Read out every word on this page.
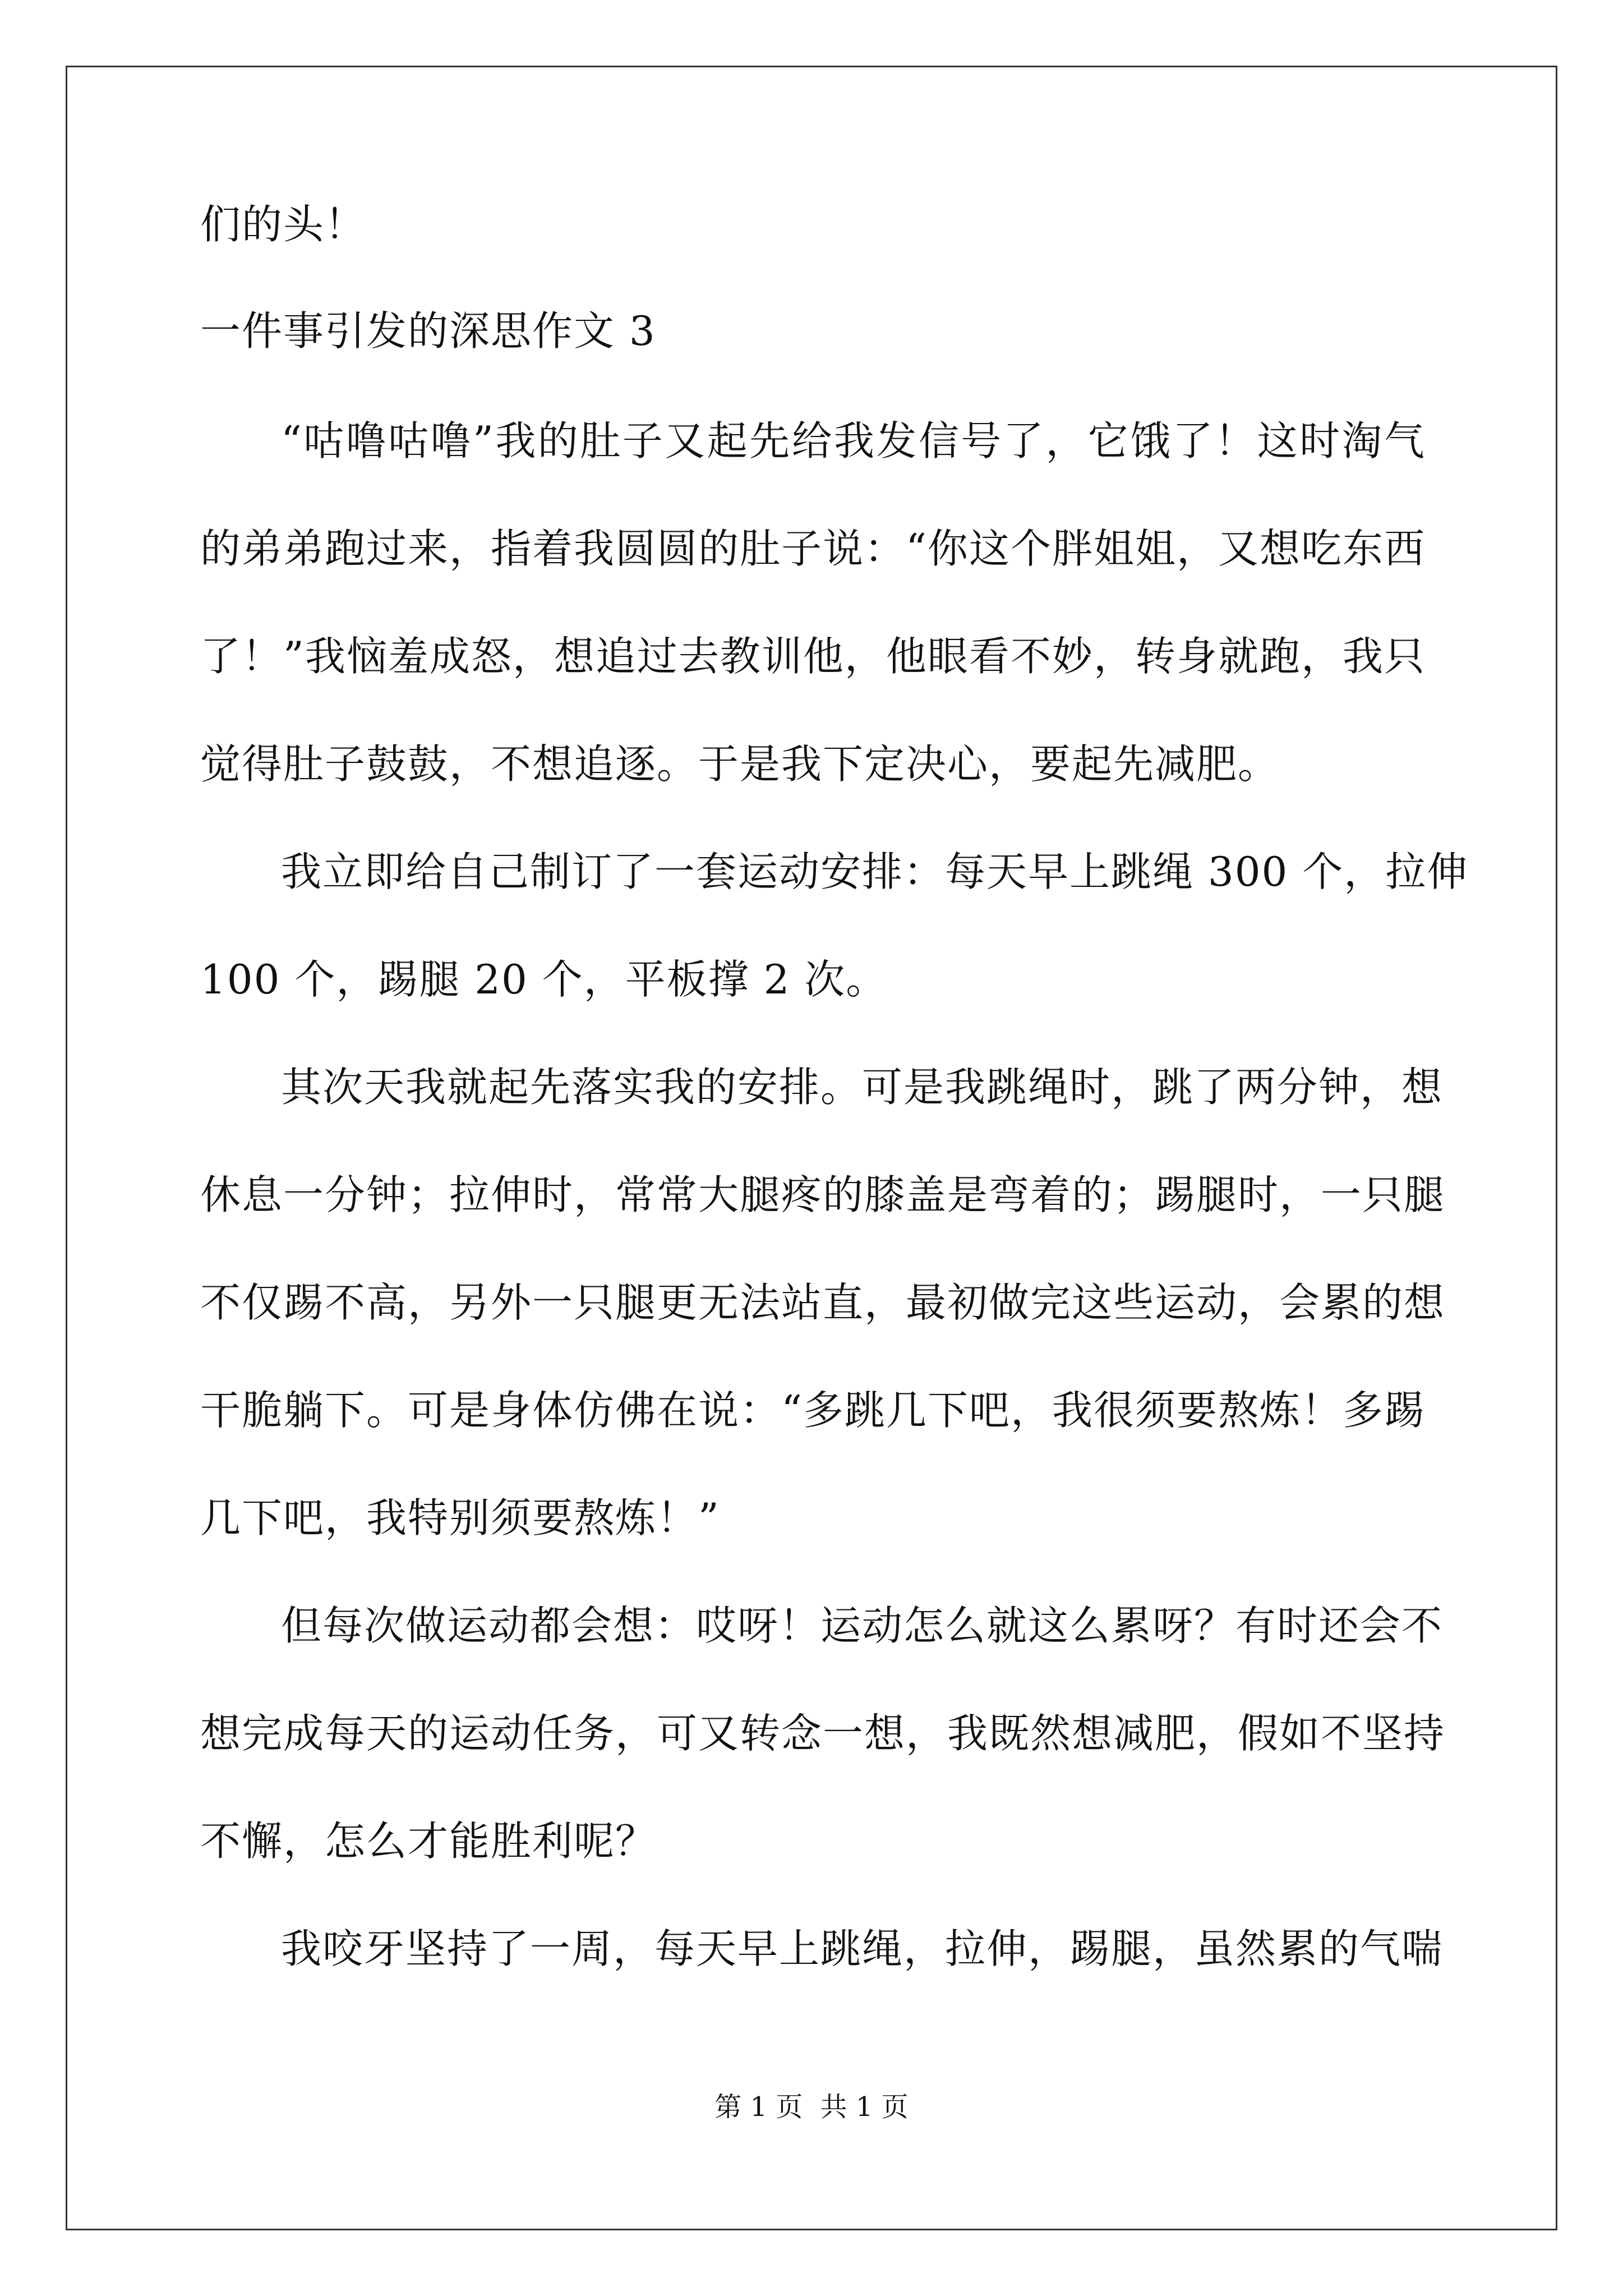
们的头！
一件事引发的深思作文 3
“咕噜咕噜”我的肚子又起先给我发信号了，它饿了！这时淘气
的弟弟跑过来，指着我圆圆的肚子说：“你这个胖姐姐，又想吃东西
了！”我恼羞成怒，想追过去教训他，他眼看不妙，转身就跑，我只
觉得肚子鼓鼓，不想追逐。于是我下定决心，要起先减肥。
我立即给自己制订了一套运动安排：每天早上跳绳 300 个，拉伸
100 个，踢腿 20 个，平板撑 2 次。
其次天我就起先落实我的安排。可是我跳绳时，跳了两分钟，想
休息一分钟；拉伸时，常常大腿疼的膝盖是弯着的；踢腿时，一只腿
不仅踢不高，另外一只腿更无法站直，最初做完这些运动，会累的想
干脆躺下。可是身体仿佛在说：“多跳几下吧，我很须要熬炼！多踢
几下吧，我特别须要熬炼！”
但每次做运动都会想：哎呀！运动怎么就这么累呀？有时还会不
想完成每天的运动任务，可又转念一想，我既然想减肥，假如不坚持
不懈，怎么才能胜利呢？
我咬牙坚持了一周，每天早上跳绳，拉伸，踢腿，虽然累的气喘
第 1 页 共 1 页
